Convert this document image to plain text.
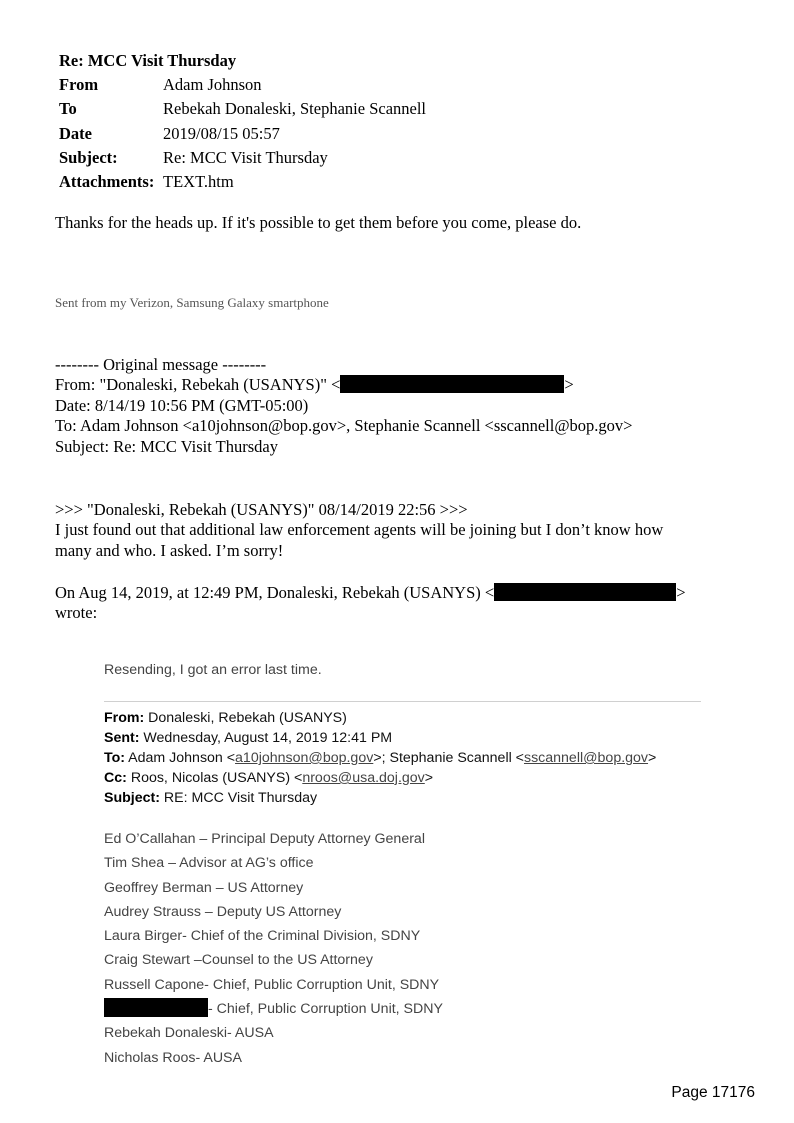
Re: MCC Visit Thursday
From	Adam Johnson
To	Rebekah Donaleski, Stephanie Scannell
Date	2019/08/15 05:57
Subject:	Re: MCC Visit Thursday
Attachments: TEXT.htm
Thanks for the heads up. If it's possible to get them before you come, please do.
Sent from my Verizon, Samsung Galaxy smartphone
-------- Original message --------
From: "Donaleski, Rebekah (USANYS)" <	>
Date: 8/14/19 10:56 PM (GMT-05:00)
To: Adam Johnson <a10johnson@bop.gov>, Stephanie Scannell <sscannell@bop.gov>
Subject: Re: MCC Visit Thursday
>>> "Donaleski, Rebekah (USANYS)" 08/14/2019 22:56 >>>
I just found out that additional law enforcement agents will be joining but I don’t know how
many and who. I asked. I’m sorry!
On Aug 14, 2019, at 12:49 PM, Donaleski, Rebekah (USANYS) <	>
wrote:
Resending, I got an error last time.
From: Donaleski, Rebekah (USANYS)
Sent: Wednesday, August 14, 2019 12:41 PM
To: Adam Johnson <a10johnson@bop.gov>; Stephanie Scannell <sscannell@bop.gov>
Cc: Roos, Nicolas (USANYS) <nroos@usa.doj.gov>
Subject: RE: MCC Visit Thursday
Ed O’Callahan – Principal Deputy Attorney General
Tim Shea – Advisor at AG’s office
Geoffrey Berman – US Attorney
Audrey Strauss – Deputy US Attorney
Laura Birger- Chief of the Criminal Division, SDNY
Craig Stewart –Counsel to the US Attorney
Russell Capone- Chief, Public Corruption Unit, SDNY
- Chief, Public Corruption Unit, SDNY
Rebekah Donaleski- AUSA
Nicholas Roos- AUSA
Page 17176
